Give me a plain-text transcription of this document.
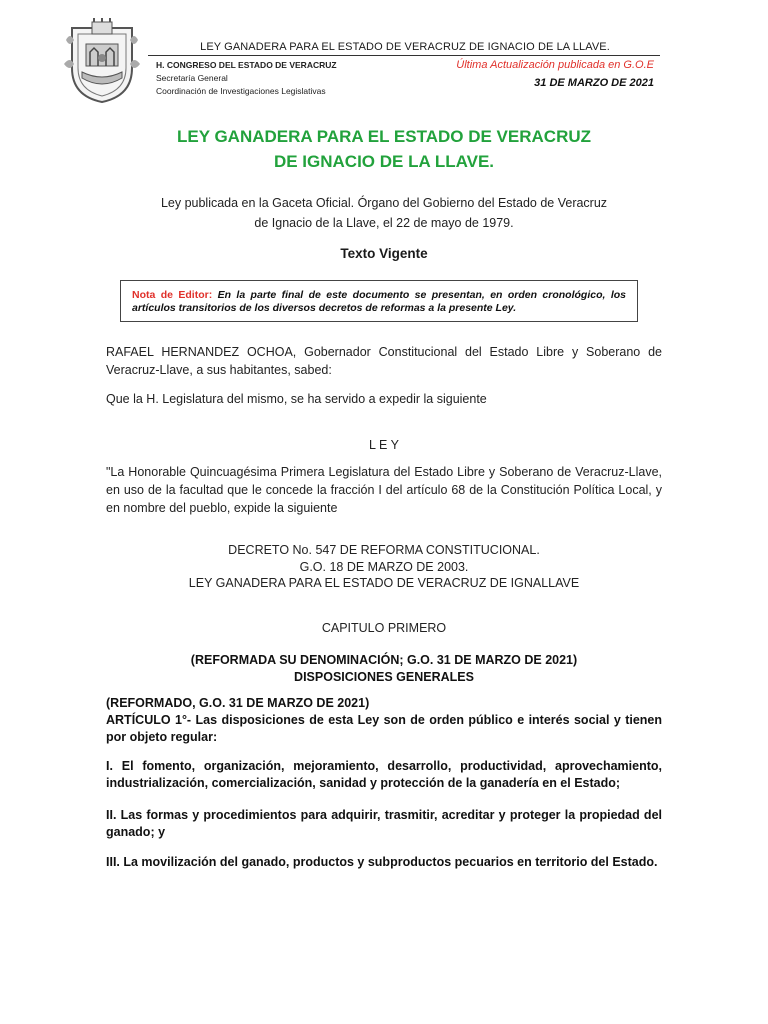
LEY GANADERA PARA EL ESTADO DE VERACRUZ DE IGNACIO DE LA LLAVE.
H. CONGRESO DEL ESTADO DE VERACRUZ
Secretaría General
Coordinación de Investigaciones Legislativas
Última Actualización publicada en G.O.E
31 DE MARZO DE 2021
LEY GANADERA PARA EL ESTADO DE VERACRUZ
DE IGNACIO DE LA LLAVE.
Ley publicada en la Gaceta Oficial. Órgano del Gobierno del Estado de Veracruz
de Ignacio de la Llave, el 22 de mayo de 1979.
Texto Vigente
Nota de Editor: En la parte final de este documento se presentan, en orden cronológico, los artículos transitorios de los diversos decretos de reformas a la presente Ley.
RAFAEL HERNANDEZ OCHOA, Gobernador Constitucional del Estado Libre y Soberano de Veracruz-Llave, a sus habitantes, sabed:
Que la H. Legislatura del mismo, se ha servido a expedir la siguiente
L E Y
"La Honorable Quincuagésima Primera Legislatura del Estado Libre y Soberano de Veracruz-Llave, en uso de la facultad que le concede la fracción I del artículo 68 de la Constitución Política Local, y en nombre del pueblo, expide la siguiente
DECRETO No. 547 DE REFORMA CONSTITUCIONAL.
G.O. 18 DE MARZO DE 2003.
LEY GANADERA PARA EL ESTADO DE VERACRUZ DE IGNALLAVE
CAPITULO PRIMERO
(REFORMADA SU DENOMINACIÓN; G.O. 31 DE MARZO DE 2021)
DISPOSICIONES GENERALES
(REFORMADO, G.O. 31 DE MARZO DE 2021)
ARTÍCULO 1°- Las disposiciones de esta Ley son de orden público e interés social y tienen por objeto regular:
I. El fomento, organización, mejoramiento, desarrollo, productividad, aprovechamiento, industrialización, comercialización, sanidad y protección de la ganadería en el Estado;
II. Las formas y procedimientos para adquirir, trasmitir, acreditar y proteger la propiedad del ganado; y
III. La movilización del ganado, productos y subproductos pecuarios en territorio del Estado.
